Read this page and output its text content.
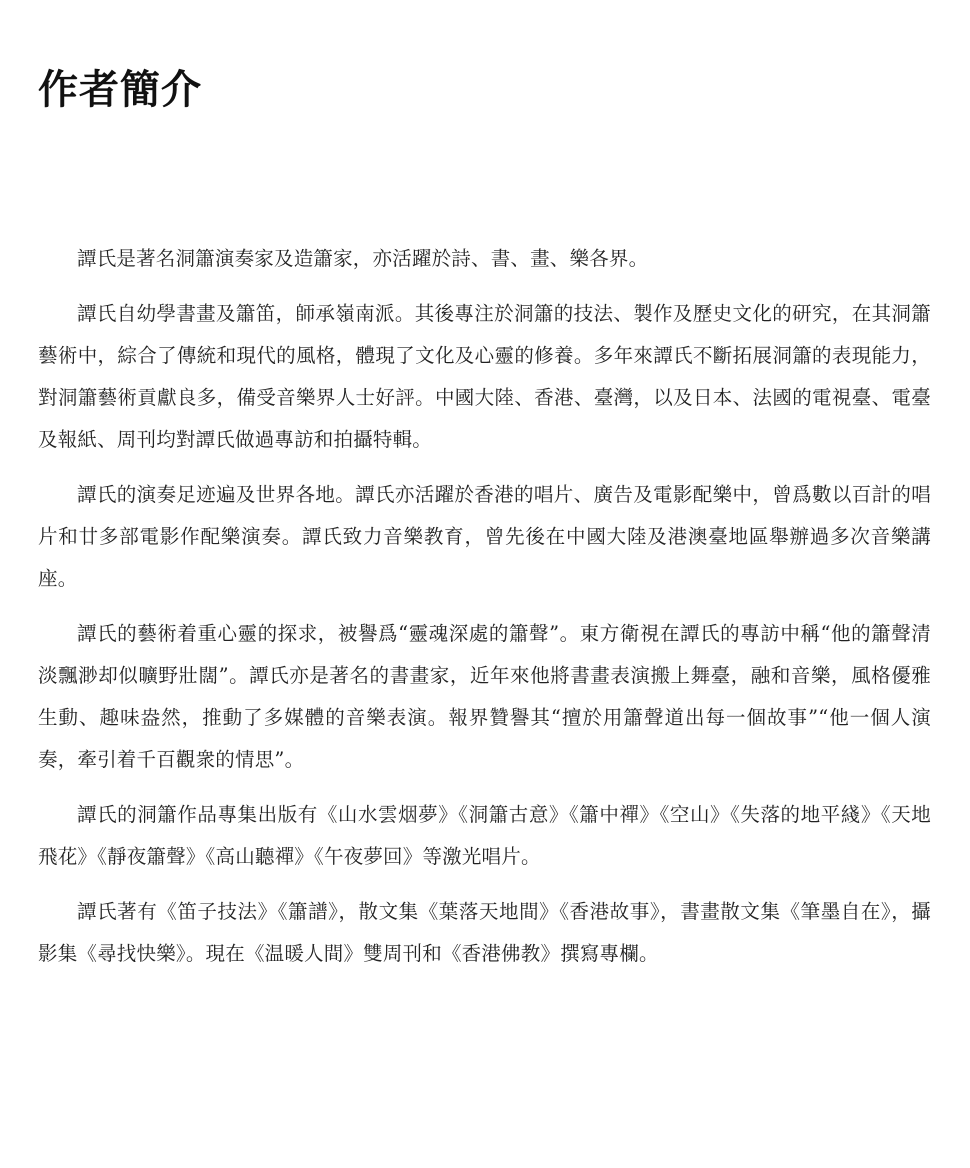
作者簡介

譚氏是著名洞簫演奏家及造簫家，亦活躍於詩、書、畫、樂各界。

譚氏自幼學書畫及簫笛，師承嶺南派。其後專注於洞簫的技法、製作及歷史文化的研究，在其洞簫藝術中，綜合了傳統和現代的風格，體現了文化及心靈的修養。多年來譚氏不斷拓展洞簫的表現能力，對洞簫藝術貢獻良多，備受音樂界人士好評。中國大陸、香港、臺灣，以及日本、法國的電視臺、電臺及報紙、周刊均對譚氏做過專訪和拍攝特輯。

譚氏的演奏足迹遍及世界各地。譚氏亦活躍於香港的唱片、廣告及電影配樂中，曾爲數以百計的唱片和廿多部電影作配樂演奏。譚氏致力音樂教育，曾先後在中國大陸及港澳臺地區舉辦過多次音樂講座。

譚氏的藝術着重心靈的探求，被譽爲“靈魂深處的簫聲”。東方衛視在譚氏的專訪中稱“他的簫聲清淡飄渺却似曠野壯闊”。譚氏亦是著名的書畫家，近年來他將書畫表演搬上舞臺，融和音樂，風格優雅生動、趣味盎然，推動了多媒體的音樂表演。報界贊譽其“擅於用簫聲道出每一個故事”“他一個人演奏，牽引着千百觀衆的情思”。

譚氏的洞簫作品專集出版有《山水雲烟夢》《洞簫古意》《簫中禪》《空山》《失落的地平綫》《天地飛花》《靜夜簫聲》《高山聽禪》《午夜夢回》等激光唱片。

譚氏著有《笛子技法》《簫譜》，散文集《葉落天地間》《香港故事》，書畫散文集《筆墨自在》，攝影集《尋找快樂》。現在《温暖人間》雙周刊和《香港佛教》撰寫專欄。
